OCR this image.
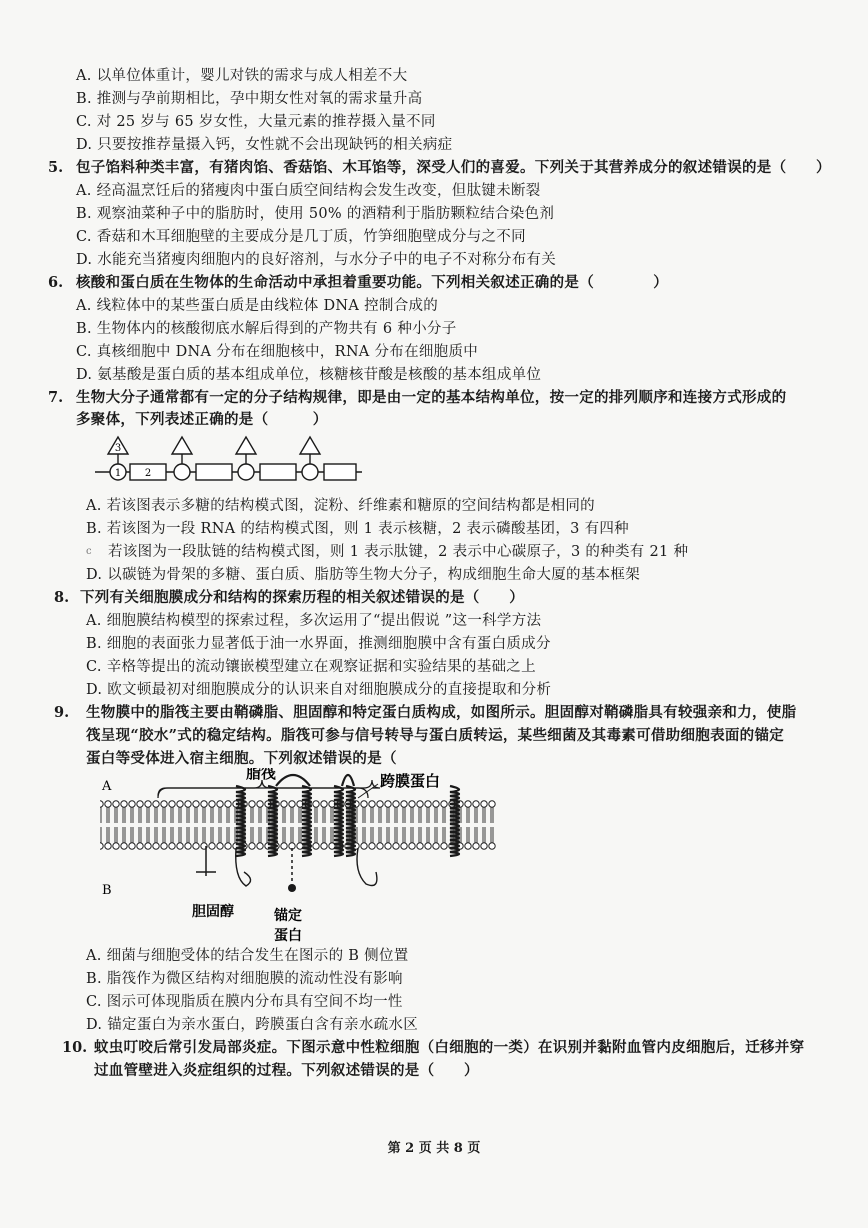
A. 以单位体重计，婴儿对铁的需求与成人相差不大
B. 推测与孕前期相比，孕中期女性对氧的需求量升高
C. 对 25 岁与 65 岁女性，大量元素的推荐摄入量不同
D. 只要按推荐量摄入钙，女性就不会出现缺钙的相关病症
5. 包子馅料种类丰富，有猪肉馅、香菇馅、木耳馅等，深受人们的喜爱。下列关于其营养成分的叙述错误的是（　　）
A. 经高温烹饪后的猪瘦肉中蛋白质空间结构会发生改变，但肽键未断裂
B. 观察油菜种子中的脂肪时，使用 50% 的酒精利于脂肪颗粒结合染色剂
C. 香菇和木耳细胞壁的主要成分是几丁质，竹笋细胞壁成分与之不同
D. 水能充当猪瘦肉细胞内的良好溶剂，与水分子中的电子不对称分布有关
6. 核酸和蛋白质在生物体的生命活动中承担着重要功能。下列相关叙述正确的是（　　　　）
A. 线粒体中的某些蛋白质是由线粒体 DNA 控制合成的
B. 生物体内的核酸彻底水解后得到的产物共有 6 种小分子
C. 真核细胞中 DNA 分布在细胞核中，RNA 分布在细胞质中
D. 氨基酸是蛋白质的基本组成单位，核糖核苷酸是核酸的基本组成单位
7. 生物大分子通常都有一定的分子结构规律，即是由一定的基本结构单位，按一定的排列顺序和连接方式形成的
多聚体，下列表述正确的是（　　　）
3
1 2
A. 若该图表示多糖的结构模式图，淀粉、纤维素和糖原的空间结构都是相同的
B. 若该图为一段 RNA 的结构模式图，则 1 表示核糖，2 表示磷酸基团，3 有四种
c 若该图为一段肽链的结构模式图，则 1 表示肽键，2 表示中心碳原子，3 的种类有 21 种
D. 以碳链为骨架的多糖、蛋白质、脂肪等生物大分子，构成细胞生命大厦的基本框架
8. 下列有关细胞膜成分和结构的探索历程的相关叙述错误的是（　　）
A. 细胞膜结构模型的探索过程，多次运用了“提出假说 ”这一科学方法
B. 细胞的表面张力显著低于油一水界面，推测细胞膜中含有蛋白质成分
C. 辛格等提出的流动镶嵌模型建立在观察证据和实验结果的基础之上
D. 欧文顿最初对细胞膜成分的认识来自对细胞膜成分的直接提取和分析
9. 生物膜中的脂筏主要由鞘磷脂、胆固醇和特定蛋白质构成，如图所示。胆固醇对鞘磷脂具有较强亲和力，使脂
筏呈现“胶水”式的稳定结构。脂筏可参与信号转导与蛋白质转运，某些细菌及其毒素可借助细胞表面的锚定
蛋白等受体进入宿主细胞。下列叙述错误的是（
B
胆固醇	锚定
蛋白
A. 细菌与细胞受体的结合发生在图示的 B 侧位置
B. 脂筏作为微区结构对细胞膜的流动性没有影响
C. 图示可体现脂质在膜内分布具有空间不均一性
D. 锚定蛋白为亲水蛋白，跨膜蛋白含有亲水疏水区
10. 蚊虫叮咬后常引发局部炎症。下图示意中性粒细胞（白细胞的一类）在识别并黏附血管内皮细胞后，迁移并穿
过血管壁进入炎症组织的过程。下列叙述错误的是（　　）
第 2 页 共 8 页
